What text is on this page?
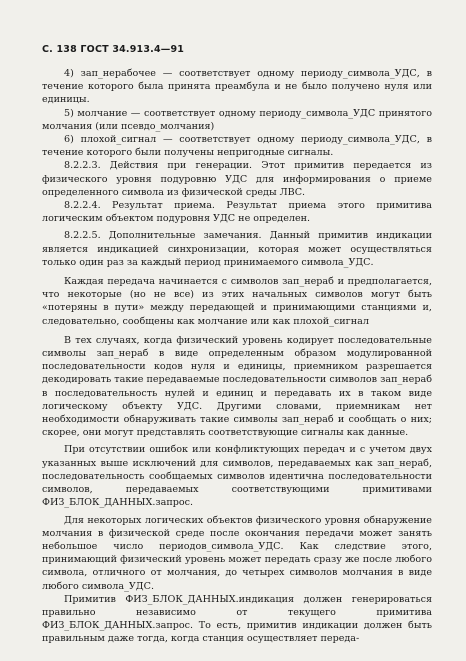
С. 138 ГОСТ 34.913.4—91

4) зап_нерабочее — соответствует одному периоду_символа_УДС, в течение которого была принята преамбула и не было получено нуля или единицы.

5) молчание — соответствует одному периоду_символа_УДС принятого молчания (или псевдо_молчания)

6) плохой_сигнал — соответствует одному периоду_символа_УДС, в течение которого были получены непригодные сигналы.

8.2.2.3. Действия при генерации. Этот примитив передается из физического уровня подуровню УДС для информирования о приеме определенного символа из физической среды ЛВС.

8.2.2.4. Результат приема. Результат приема этого примитива логическим объектом подуровня УДС не определен.

8.2.2.5. Дополнительные замечания. Данный примитив индикации является индикацией синхронизации, которая может осуществляться только один раз за каждый период принимаемого символа_УДС.

Каждая передача начинается с символов зап_нераб и предполагается, что некоторые (но не все) из этих начальных символов могут быть «потеряны в пути» между передающей и принимающими станциями и, следовательно, сообщены как молчание или как плохой_сигнал

В тех случаях, когда физический уровень кодирует последовательные символы зап_нераб в виде определенным образом модулированной последовательности кодов нуля и единицы, приемником разрешается декодировать такие передаваемые последовательности символов зап_нераб в последовательность нулей и единиц и передавать их в таком виде логическому объекту УДС. Другими словами, приемникам нет необходимости обнаруживать такие символы зап_нераб и сообщать о них; скорее, они могут представлять соответствующие сигналы как данные.

При отсутствии ошибок или конфликтующих передач и с учетом двух указанных выше исключений для символов, передаваемых как зап_нераб, последовательность сообщаемых символов идентична последовательности символов, передаваемых соответствующими примитивами ФИЗ_БЛОК_ДАННЫХ.запрос.

Для некоторых логических объектов физического уровня обнаружение молчания в физической среде после окончания передачи может занять небольшое число периодов_символа_УДС. Как следствие этого, принимающий физический уровень может передать сразу же после любого символа, отличного от молчания, до четырех символов молчания в виде любого символа_УДС.

Примитив ФИЗ_БЛОК_ДАННЫХ.индикация должен генерироваться правильно независимо от текущего примитива ФИЗ_БЛОК_ДАННЫХ.запрос. То есть, примитив индикации должен быть правильным даже тогда, когда станция осуществляет переда-
